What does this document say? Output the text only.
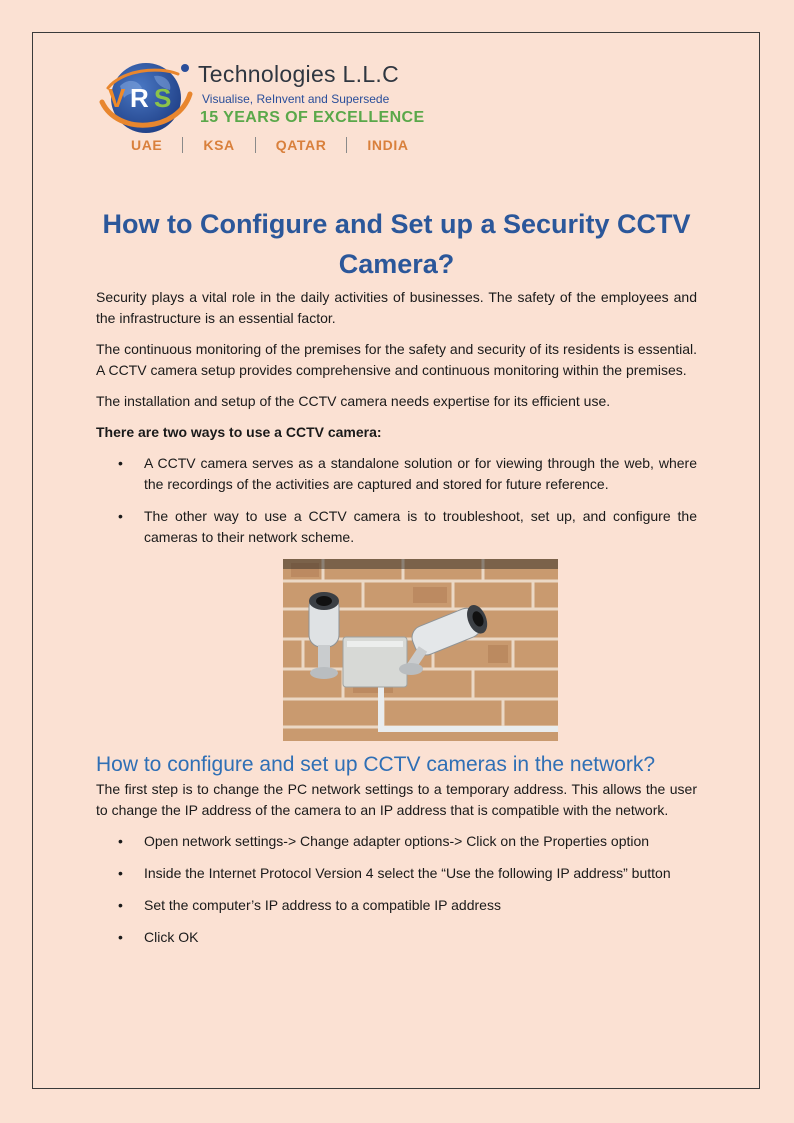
V R S
Technologies L.L.C
Visualise, ReInvent and Supersede
15 YEARS OF EXCELLENCE
UAE	KSA	QATAR	INDIA
How to Configure and Set up a Security CCTV Camera?

Security plays a vital role in the daily activities of businesses. The safety of the employees and the infrastructure is an essential factor.

The continuous monitoring of the premises for the safety and security of its residents is essential. A CCTV camera setup provides comprehensive and continuous monitoring within the premises.

The installation and setup of the CCTV camera needs expertise for its efficient use.

There are two ways to use a CCTV camera:

• A CCTV camera serves as a standalone solution or for viewing through the web, where the recordings of the activities are captured and stored for future reference.
• The other way to use a CCTV camera is to troubleshoot, set up, and configure the cameras to their network scheme.
How to configure and set up CCTV cameras in the network?

The first step is to change the PC network settings to a temporary address. This allows the user to change the IP address of the camera to an IP address that is compatible with the network.

• Open network settings-> Change adapter options-> Click on the Properties option
• Inside the Internet Protocol Version 4 select the “Use the following IP address” button
• Set the computer’s IP address to a compatible IP address
• Click OK
